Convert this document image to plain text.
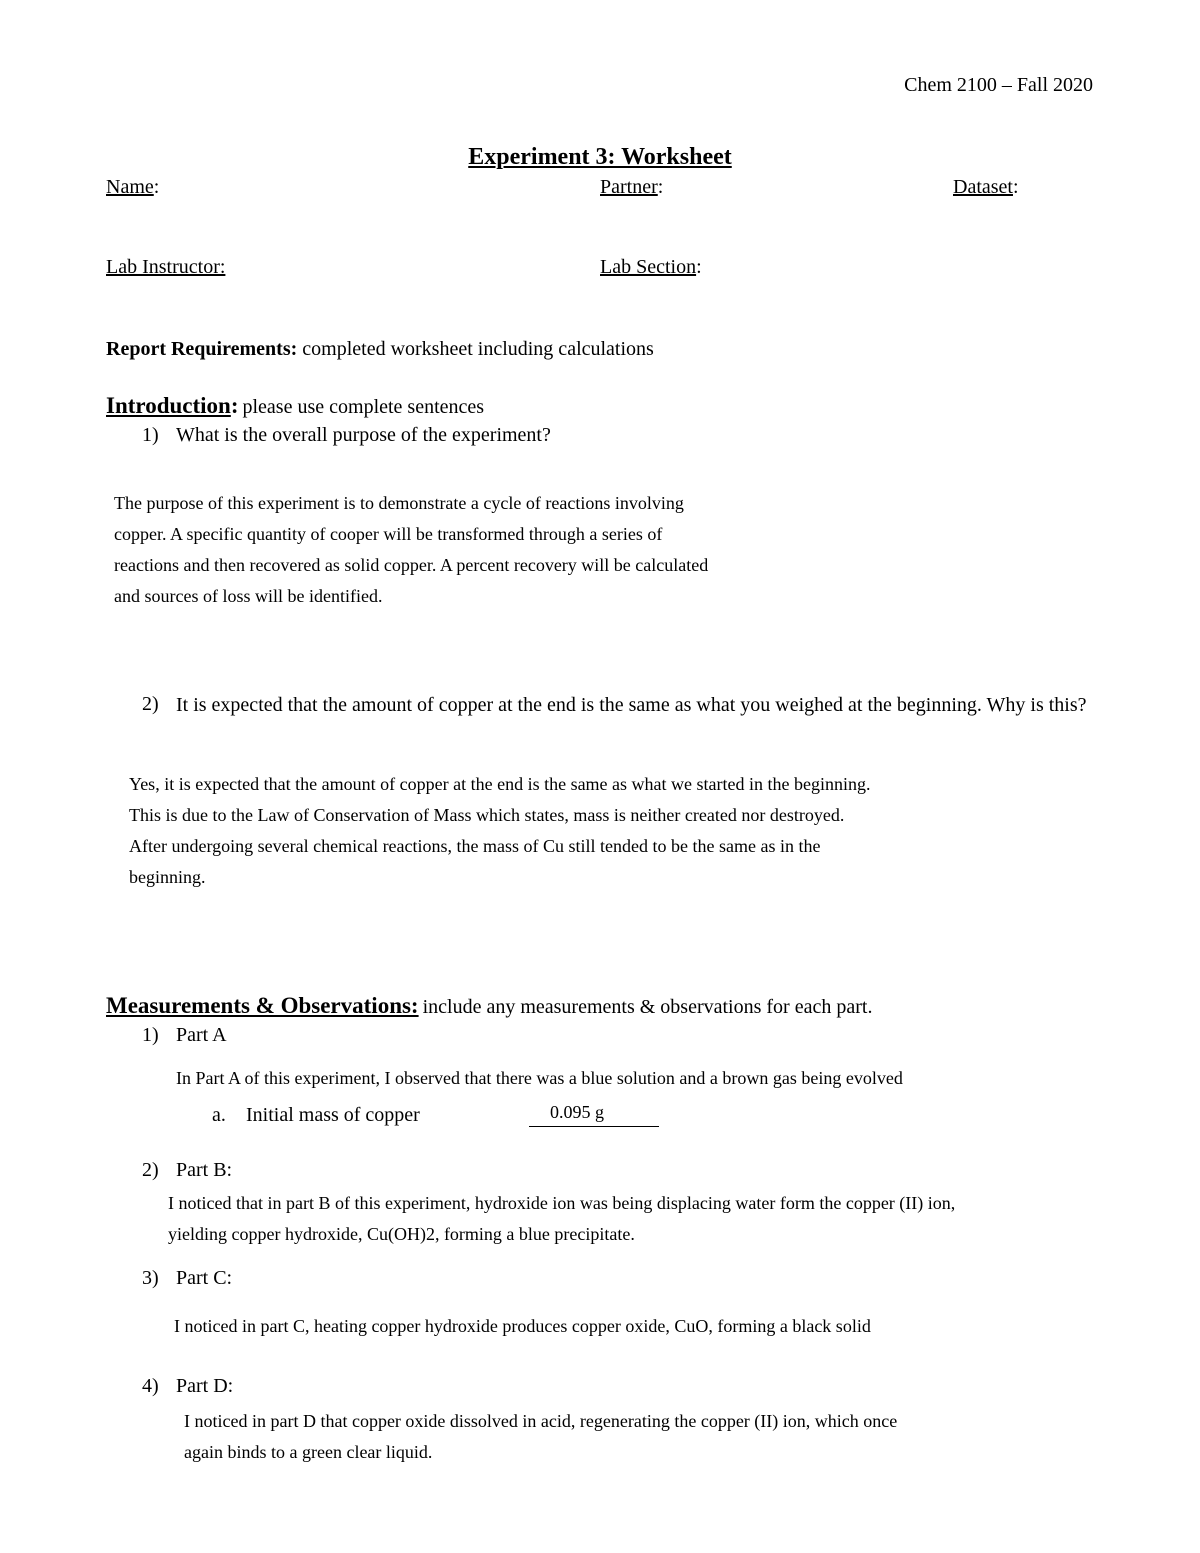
Chem 2100 – Fall 2020
Experiment 3: Worksheet
Name:	Partner:	Dataset:
Lab Instructor:	Lab Section:
Report Requirements: completed worksheet including calculations
Introduction: please use complete sentences
1) What is the overall purpose of the experiment?
The purpose of this experiment is to demonstrate a cycle of reactions involving
copper. A specific quantity of cooper will be transformed through a series of
reactions and then recovered as solid copper. A percent recovery will be calculated
and sources of loss will be identified.
2) It is expected that the amount of copper at the end is the same as what you weighed at the beginning. Why is this?
Yes, it is expected that the amount of copper at the end is the same as what we started in the beginning.
This is due to the Law of Conservation of Mass which states, mass is neither created nor destroyed.
After undergoing several chemical reactions, the mass of Cu still tended to be the same as in the
beginning.
Measurements & Observations: include any measurements & observations for each part.
1) Part A
In Part A of this experiment, I observed that there was a blue solution and a brown gas being evolved
a. Initial mass of copper	0.095 g
2) Part B:
I noticed that in part B of this experiment, hydroxide ion was being displacing water form the copper (II) ion,
yielding copper hydroxide, Cu(OH)2, forming a blue precipitate.
3) Part C:
I noticed in part C, heating copper hydroxide produces copper oxide, CuO, forming a black solid
4) Part D:
I noticed in part D that copper oxide dissolved in acid, regenerating the copper (II) ion, which once
again binds to a green clear liquid.
